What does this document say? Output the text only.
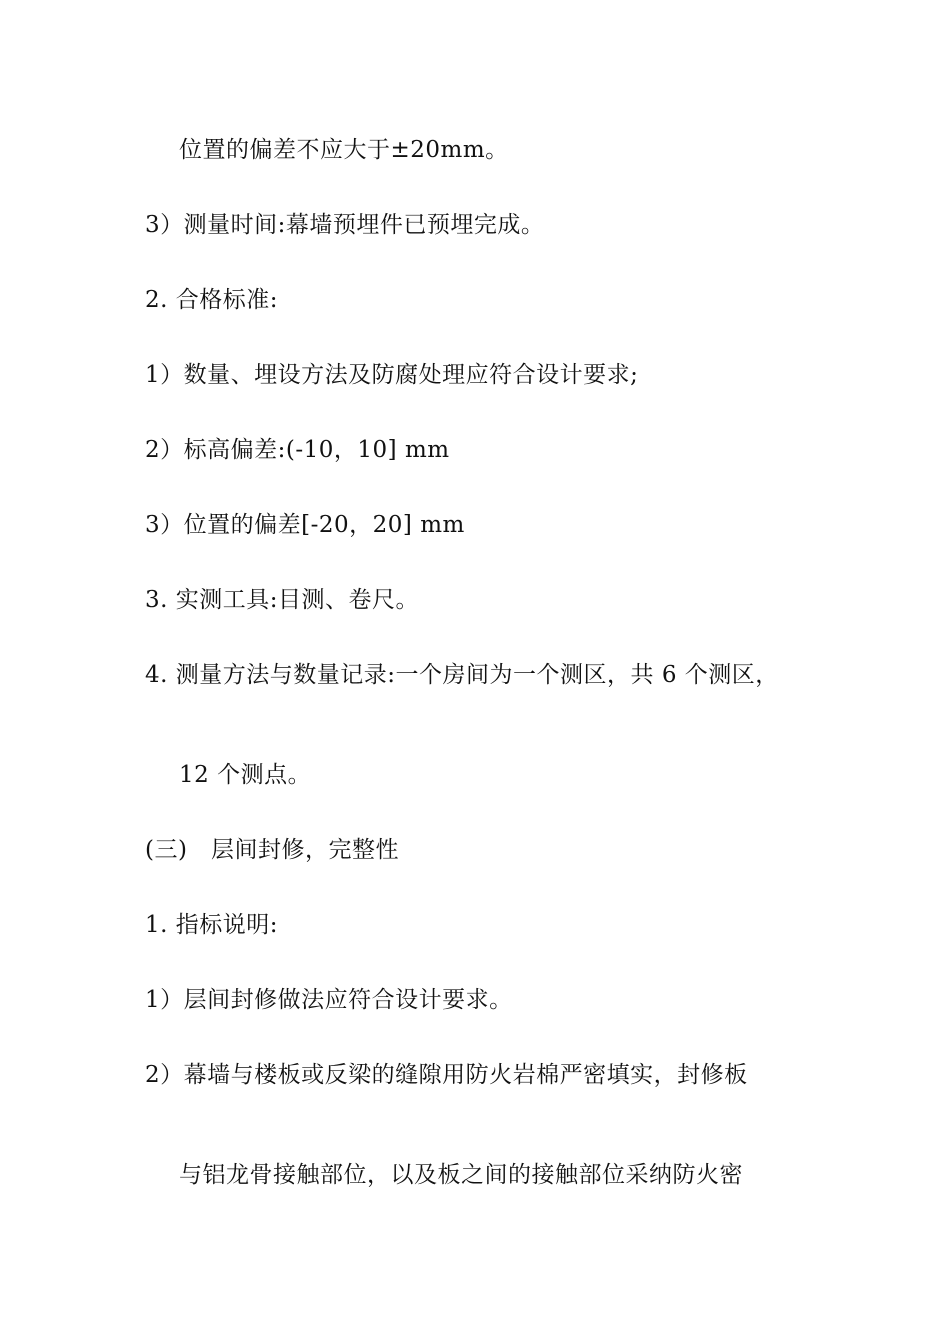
位置的偏差不应大于±20mm。

3）测量时间:幕墙预埋件已预埋完成。

2. 合格标准:

1）数量、埋设方法及防腐处理应符合设计要求;

2）标高偏差:(-10，10] mm

3）位置的偏差[-20，20] mm

3. 实测工具:目测、卷尺。

4. 测量方法与数量记录:一个房间为一个测区，共 6 个测区，

12 个测点。

(三)　层间封修，完整性

1. 指标说明:

1）层间封修做法应符合设计要求。

2）幕墙与楼板或反梁的缝隙用防火岩棉严密填实，封修板

与铝龙骨接触部位，以及板之间的接触部位采纳防火密
